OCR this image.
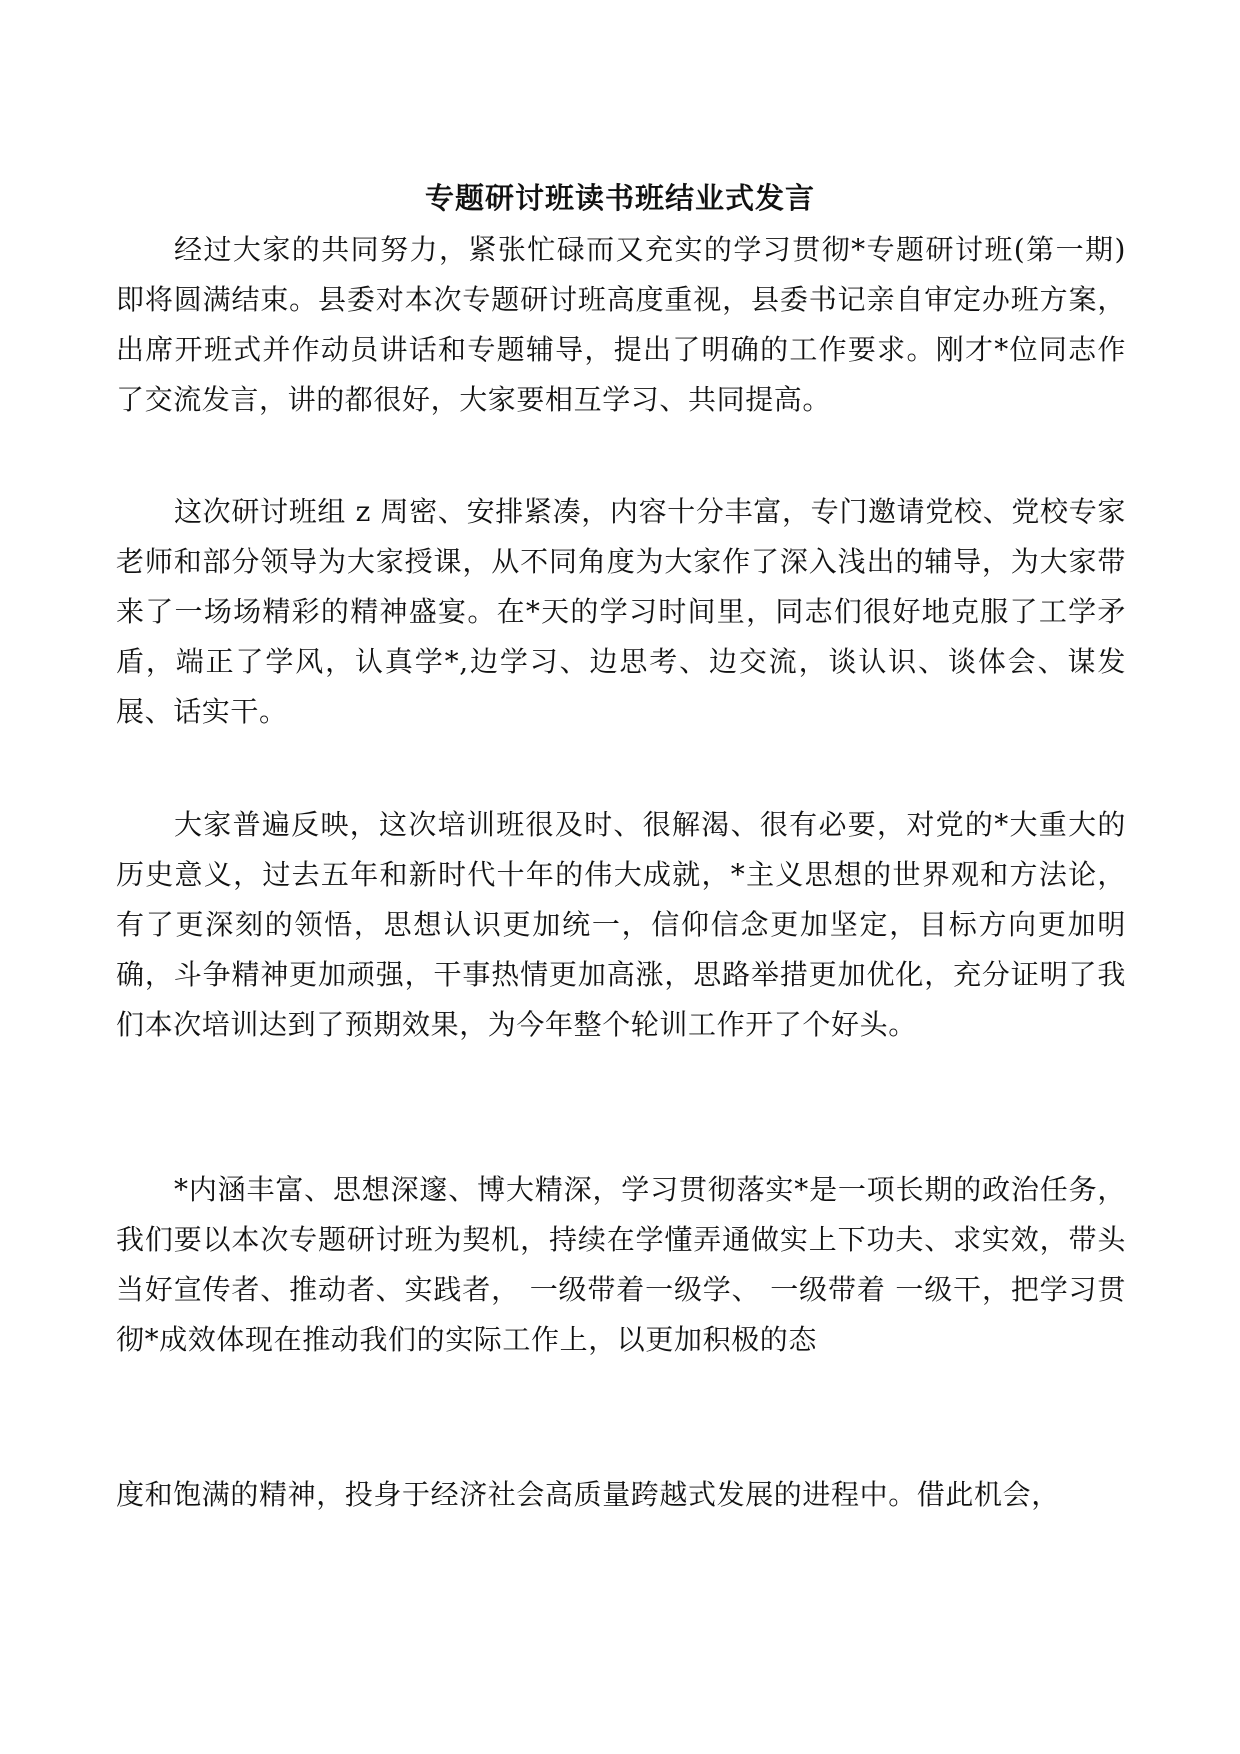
专题研讨班读书班结业式发言

经过大家的共同努力，紧张忙碌而又充实的学习贯彻*专题研讨班(第一期)即将圆满结束。县委对本次专题研讨班高度重视，县委书记亲自审定办班方案，出席开班式并作动员讲话和专题辅导，提出了明确的工作要求。刚才*位同志作了交流发言，讲的都很好，大家要相互学习、共同提高。

这次研讨班组 z 周密、安排紧凑，内容十分丰富，专门邀请党校、党校专家老师和部分领导为大家授课，从不同角度为大家作了深入浅出的辅导，为大家带来了一场场精彩的精神盛宴。在*天的学习时间里，同志们很好地克服了工学矛盾，端正了学风，认真学*,边学习、边思考、边交流，谈认识、谈体会、谋发展、话实干。

大家普遍反映，这次培训班很及时、很解渴、很有必要，对党的*大重大的历史意义，过去五年和新时代十年的伟大成就，*主义思想的世界观和方法论，有了更深刻的领悟，思想认识更加统一，信仰信念更加坚定，目标方向更加明确，斗争精神更加顽强，干事热情更加高涨，思路举措更加优化，充分证明了我们本次培训达到了预期效果，为今年整个轮训工作开了个好头。

*内涵丰富、思想深邃、博大精深，学习贯彻落实*是一项长期的政治任务，我们要以本次专题研讨班为契机，持续在学懂弄通做实上下功夫、求实效，带头当好宣传者、推动者、实践者， 一级带着一级学、 一级带着 一级干，把学习贯彻*成效体现在推动我们的实际工作上，以更加积极的态

度和饱满的精神，投身于经济社会高质量跨越式发展的进程中。借此机会，
